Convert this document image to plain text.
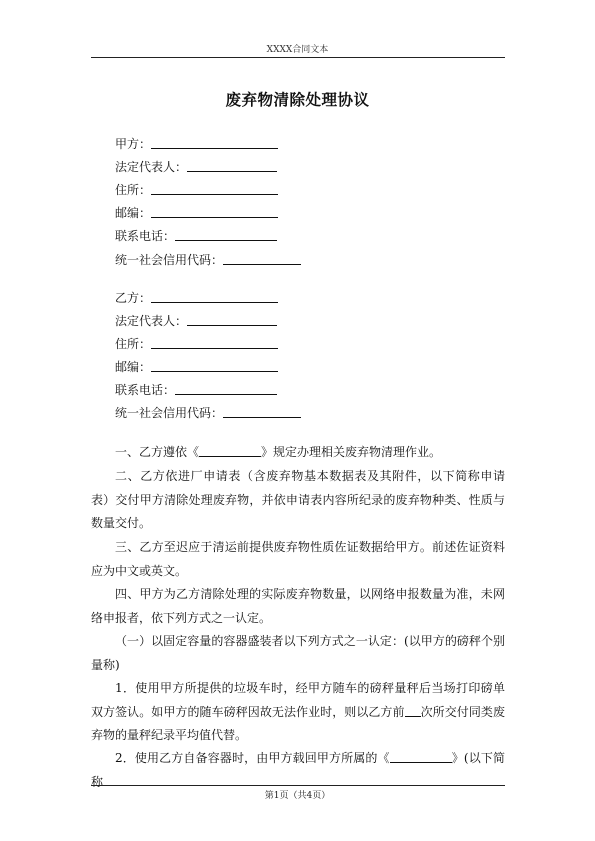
XXXX合同文本
废弃物清除处理协议
甲方：
法定代表人：
住所：
邮编：
联系电话：
统一社会信用代码：
乙方：
法定代表人：
住所：
邮编：
联系电话：
统一社会信用代码：
一、乙方遵依《	》规定办理相关废弃物清理作业。
二、乙方依进厂申请表（含废弃物基本数据表及其附件，以下简称申请表）交付甲方清除处理废弃物，并依申请表内容所纪录的废弃物种类、性质与数量交付。
三、乙方至迟应于清运前提供废弃物性质佐证数据给甲方。前述佐证资料应为中文或英文。
四、甲方为乙方清除处理的实际废弃物数量，以网络申报数量为准，未网络申报者，依下列方式之一认定。
（一）以固定容量的容器盛装者以下列方式之一认定：(以甲方的磅秤个别量称)
1．使用甲方所提供的垃圾车时，经甲方随车的磅秤量秤后当场打印磅单双方签认。如甲方的随车磅秤因故无法作业时，则以乙方前 次所交付同类废弃物的量秤纪录平均值代替。
2．使用乙方自备容器时，由甲方载回甲方所属的《	》(以下简称
第1页（共4页）
